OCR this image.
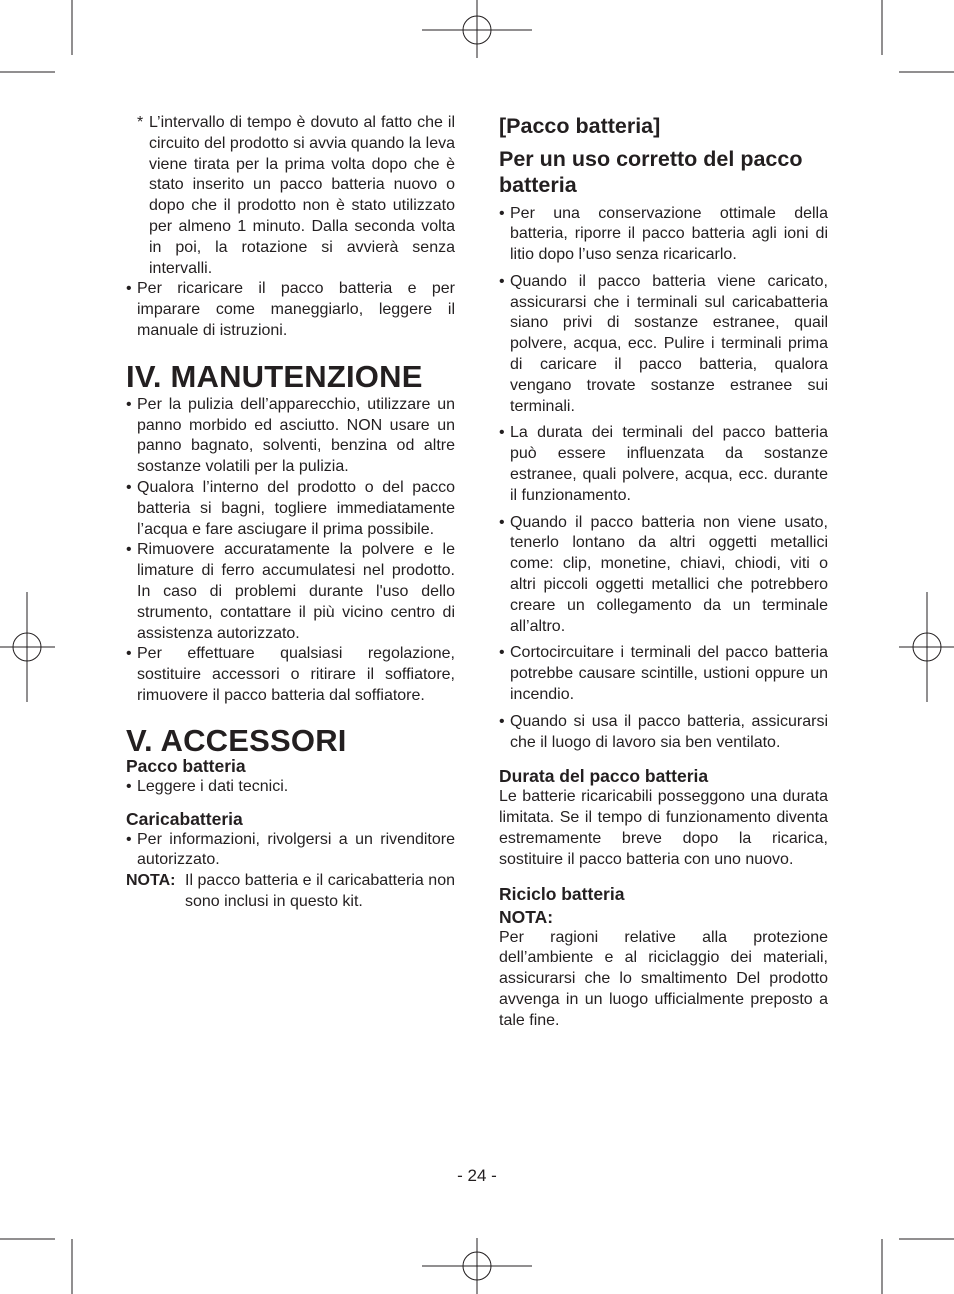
* L’intervallo di tempo è dovuto al fatto che il circuito del prodotto si avvia quando la leva viene tirata per la prima volta dopo che è stato inserito un pacco batteria nuovo o dopo che il prodotto non è stato utilizzato per almeno 1 minuto. Dalla seconda volta in poi, la rotazione si avvierà senza intervalli.
• Per ricaricare il pacco batteria e per imparare come maneggiarlo, leggere il manuale di istruzioni.
IV. MANUTENZIONE
• Per la pulizia dell’apparecchio, utilizzare un panno morbido ed asciutto. NON usare un panno bagnato, solventi, benzina od altre sostanze volatili per la pulizia.
• Qualora l’interno del prodotto o del pacco batteria si bagni, togliere immediatamente l’acqua e fare asciugare il prima possibile.
• Rimuovere accuratamente la polvere e le limature di ferro accumulatesi nel prodotto. In caso di problemi durante l'uso dello strumento, contattare il più vicino centro di assistenza autorizzato.
• Per effettuare qualsiasi regolazione, sostituire accessori o ritirare il soffiatore, rimuovere il pacco batteria dal soffiatore.
V. ACCESSORI
Pacco batteria
• Leggere i dati tecnici.
Caricabatteria
• Per informazioni, rivolgersi a un rivenditore autorizzato.
NOTA: Il pacco batteria e il caricabatteria non sono inclusi in questo kit.
[Pacco batteria]
Per un uso corretto del pacco batteria
• Per una conservazione ottimale della batteria, riporre il pacco batteria agli ioni di litio dopo l’uso senza ricaricarlo.
• Quando il pacco batteria viene caricato, assicurarsi che i terminali sul caricabatteria siano privi di sostanze estranee, quail polvere, acqua, ecc. Pulire i terminali prima di caricare il pacco batteria, qualora vengano trovate sostanze estranee sui terminali.
• La durata dei terminali del pacco batteria può essere influenzata da sostanze estranee, quali polvere, acqua, ecc. durante il funzionamento.
• Quando il pacco batteria non viene usato, tenerlo lontano da altri oggetti metallici come: clip, monetine, chiavi, chiodi, viti o altri piccoli oggetti metallici che potrebbero creare un collegamento da un terminale all’altro.
• Cortocircuitare i terminali del pacco batteria potrebbe causare scintille, ustioni oppure un incendio.
• Quando si usa il pacco batteria, assicurarsi che il luogo di lavoro sia ben ventilato.
Durata del pacco batteria
Le batterie ricaricabili posseggono una durata limitata. Se il tempo di funzionamento diventa estremamente breve dopo la ricarica, sostituire il pacco batteria con uno nuovo.
Riciclo batteria
NOTA:
Per ragioni relative alla protezione dell’ambiente e al riciclaggio dei materiali, assicurarsi che lo smaltimento Del prodotto avvenga in un luogo ufficialmente preposto a tale fine.
- 24 -
